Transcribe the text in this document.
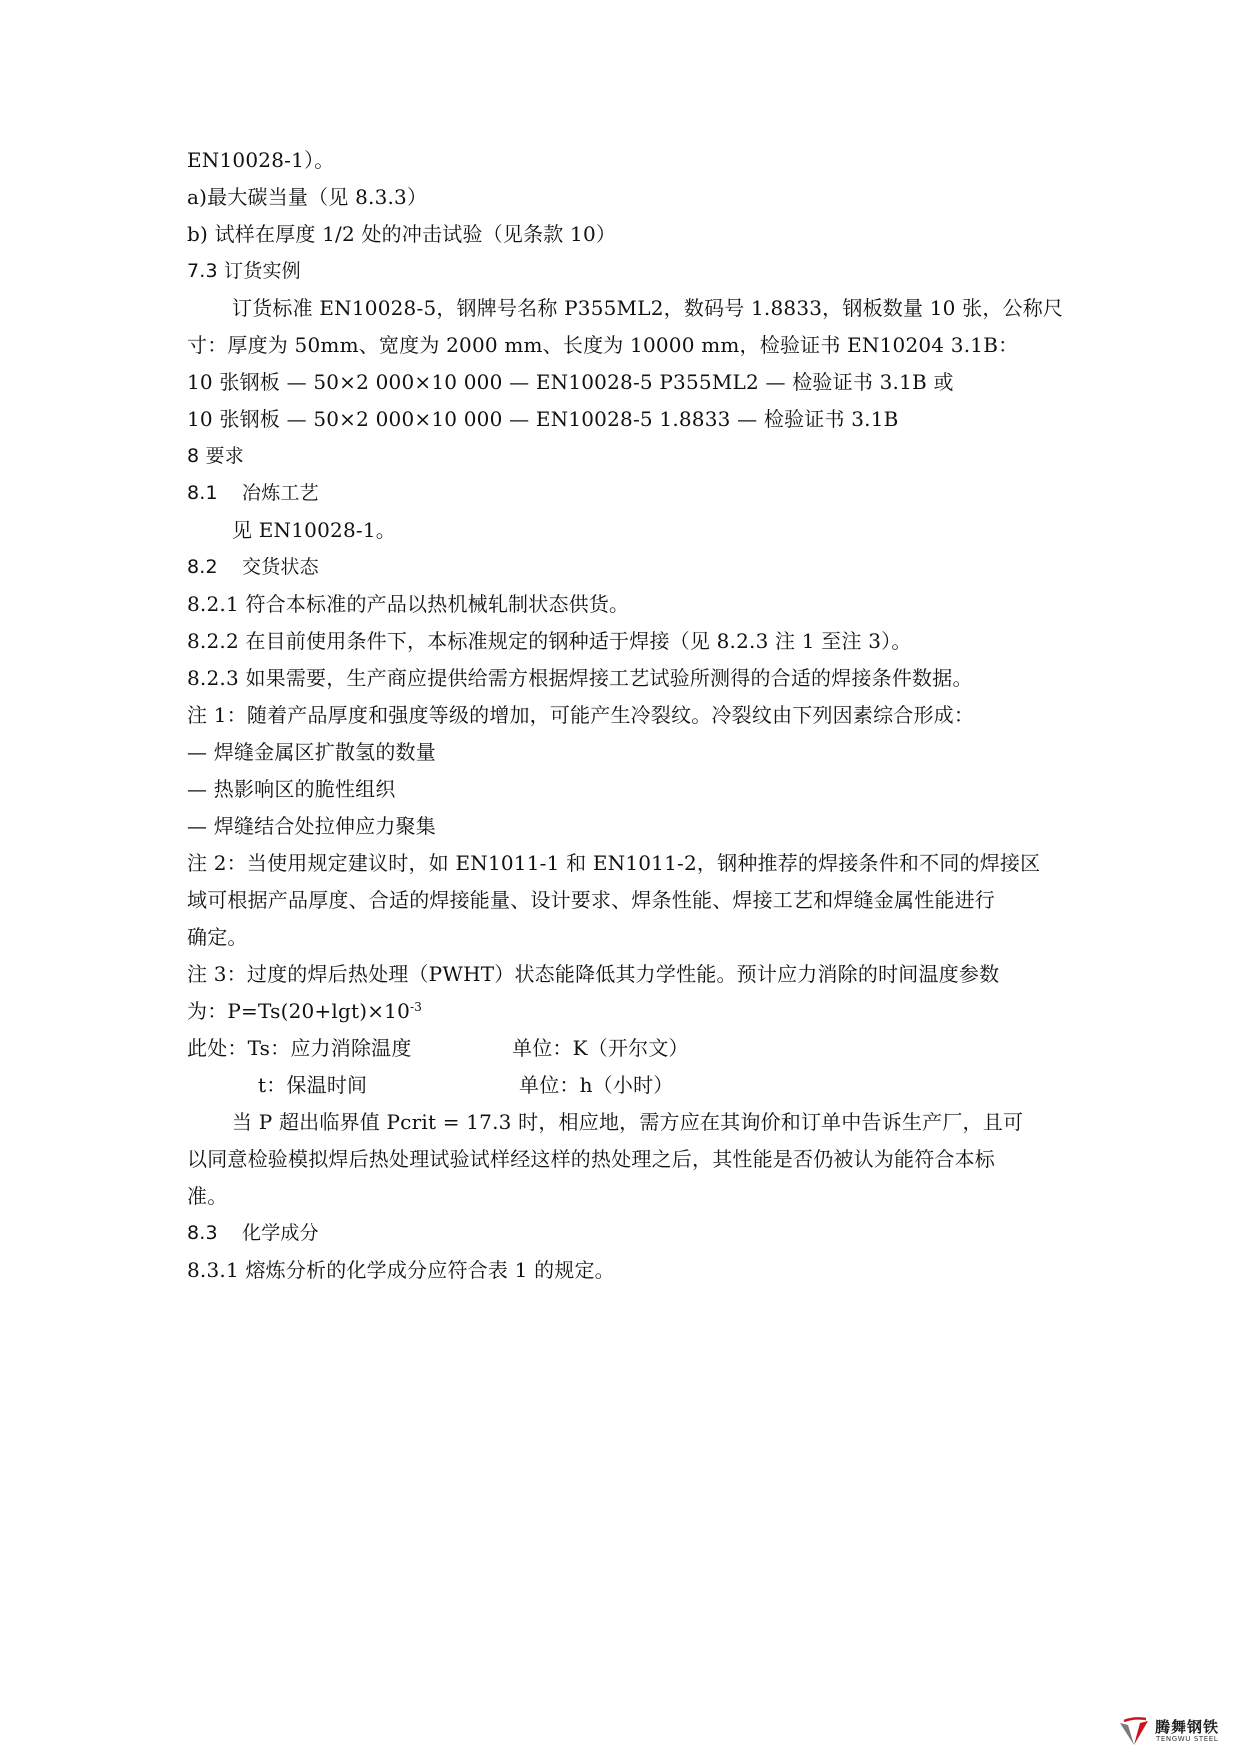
EN10028-1）。
a)最大碳当量（见 8.3.3）
b) 试样在厚度 1/2 处的冲击试验（见条款 10）
7.3 订货实例
订货标准 EN10028-5，钢牌号名称 P355ML2，数码号 1.8833，钢板数量 10 张，公称尺
寸：厚度为 50mm、宽度为 2000 mm、长度为 10000 mm，检验证书 EN10204 3.1B：
10 张钢板 — 50×2 000×10 000 — EN10028-5 P355ML2 — 检验证书 3.1B 或
10 张钢板 — 50×2 000×10 000 — EN10028-5 1.8833 — 检验证书 3.1B
8 要求
8.1 冶炼工艺
见 EN10028-1。
8.2 交货状态
8.2.1 符合本标准的产品以热机械轧制状态供货。
8.2.2 在目前使用条件下，本标准规定的钢种适于焊接（见 8.2.3 注 1 至注 3）。
8.2.3 如果需要，生产商应提供给需方根据焊接工艺试验所测得的合适的焊接条件数据。
注 1：随着产品厚度和强度等级的增加，可能产生冷裂纹。冷裂纹由下列因素综合形成：
— 焊缝金属区扩散氢的数量
— 热影响区的脆性组织
— 焊缝结合处拉伸应力聚集
注 2：当使用规定建议时，如 EN1011-1 和 EN1011-2，钢种推荐的焊接条件和不同的焊接区
域可根据产品厚度、合适的焊接能量、设计要求、焊条性能、焊接工艺和焊缝金属性能进行
确定。
注 3：过度的焊后热处理（PWHT）状态能降低其力学性能。预计应力消除的时间温度参数
为：$P=Ts(20+\lg t)\times 10^{-3}$
此处：Ts：应力消除温度	单位：K（开尔文）
t：保温时间	单位：h（小时）
当 P 超出临界值 Pcrit = 17.3 时，相应地，需方应在其询价和订单中告诉生产厂，且可
以同意检验模拟焊后热处理试验试样经这样的热处理之后，其性能是否仍被认为能符合本标
准。
8.3 化学成分
8.3.1 熔炼分析的化学成分应符合表 1 的规定。
腾舞钢铁
TENGWU STEEL
